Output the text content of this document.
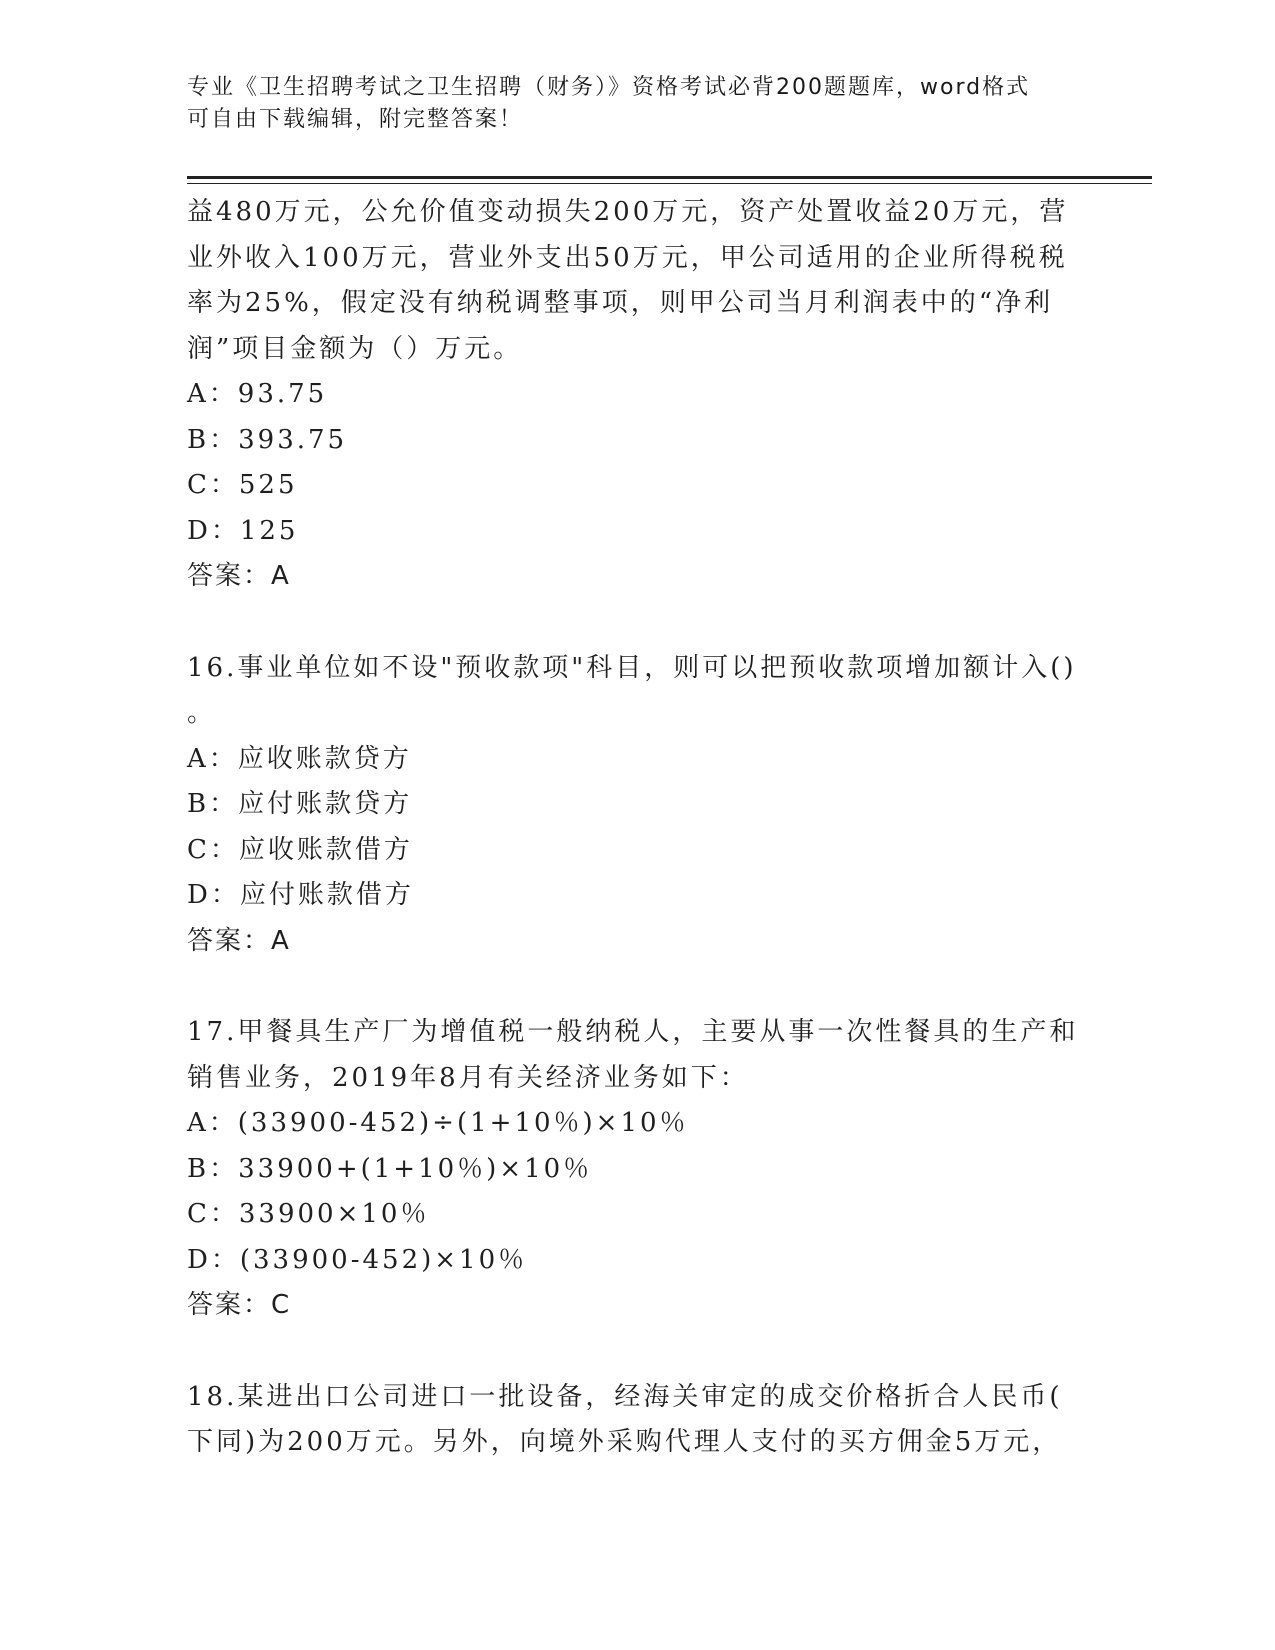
专业《卫生招聘考试之卫生招聘（财务）》资格考试必背200题题库，word格式
可自由下载编辑，附完整答案！
益480万元，公允价值变动损失200万元，资产处置收益20万元，营
业外收入100万元，营业外支出50万元，甲公司适用的企业所得税税
率为25%，假定没有纳税调整事项，则甲公司当月利润表中的“净利
润”项目金额为（）万元。
A：93.75
B：393.75
C：525
D：125
答案：A
16.事业单位如不设"预收款项"科目，则可以把预收款项增加额计入()
。
A：应收账款贷方
B：应付账款贷方
C：应收账款借方
D：应付账款借方
答案：A
17.甲餐具生产厂为增值税一般纳税人，主要从事一次性餐具的生产和
销售业务，2019年8月有关经济业务如下：
A：(33900-452)÷(1+10％)×10％
B：33900+(1+10％)×10％
C：33900×10％
D：(33900-452)×10％
答案：C
18.某进出口公司进口一批设备，经海关审定的成交价格折合人民币(
下同)为200万元。另外，向境外采购代理人支付的买方佣金5万元，
